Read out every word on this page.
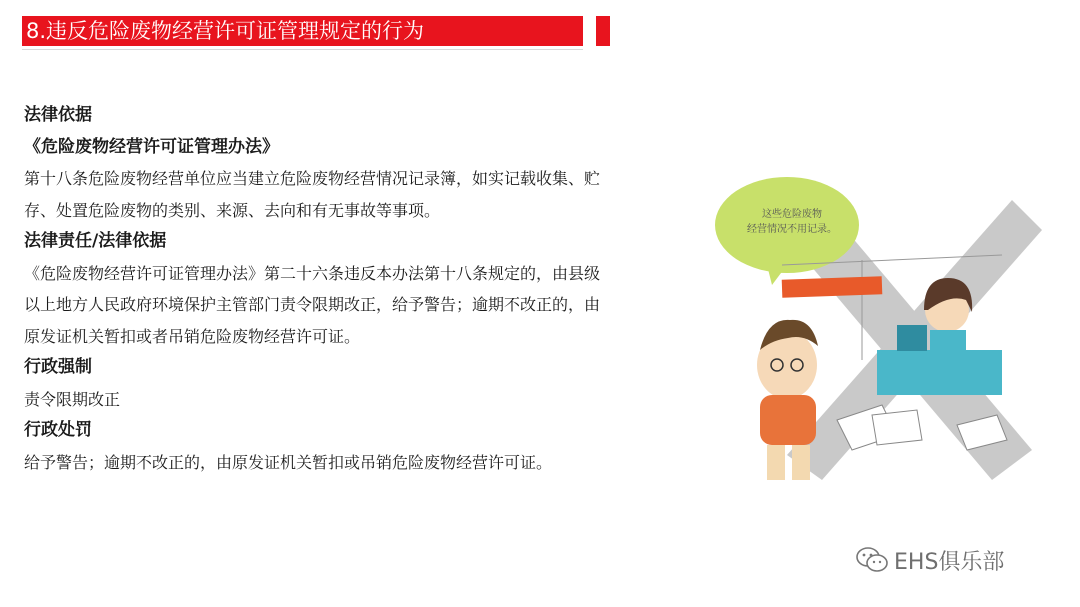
8.违反危险废物经营许可证管理规定的行为

法律依据

《危险废物经营许可证管理办法》

第十八条危险废物经营单位应当建立危险废物经营情况记录簿，如实记载收集、贮

存、处置危险废物的类别、来源、去向和有无事故等事项。

法律责任/法律依据

《危险废物经营许可证管理办法》第二十六条违反本办法第十八条规定的，由县级

以上地方人民政府环境保护主管部门责令限期改正，给予警告；逾期不改正的，由

原发证机关暂扣或者吊销危险废物经营许可证。

行政强制

责令限期改正

行政处罚

给予警告；逾期不改正的，由原发证机关暂扣或吊销危险废物经营许可证。

这些危险废物
经营情况不用记录。
EHS俱乐部
